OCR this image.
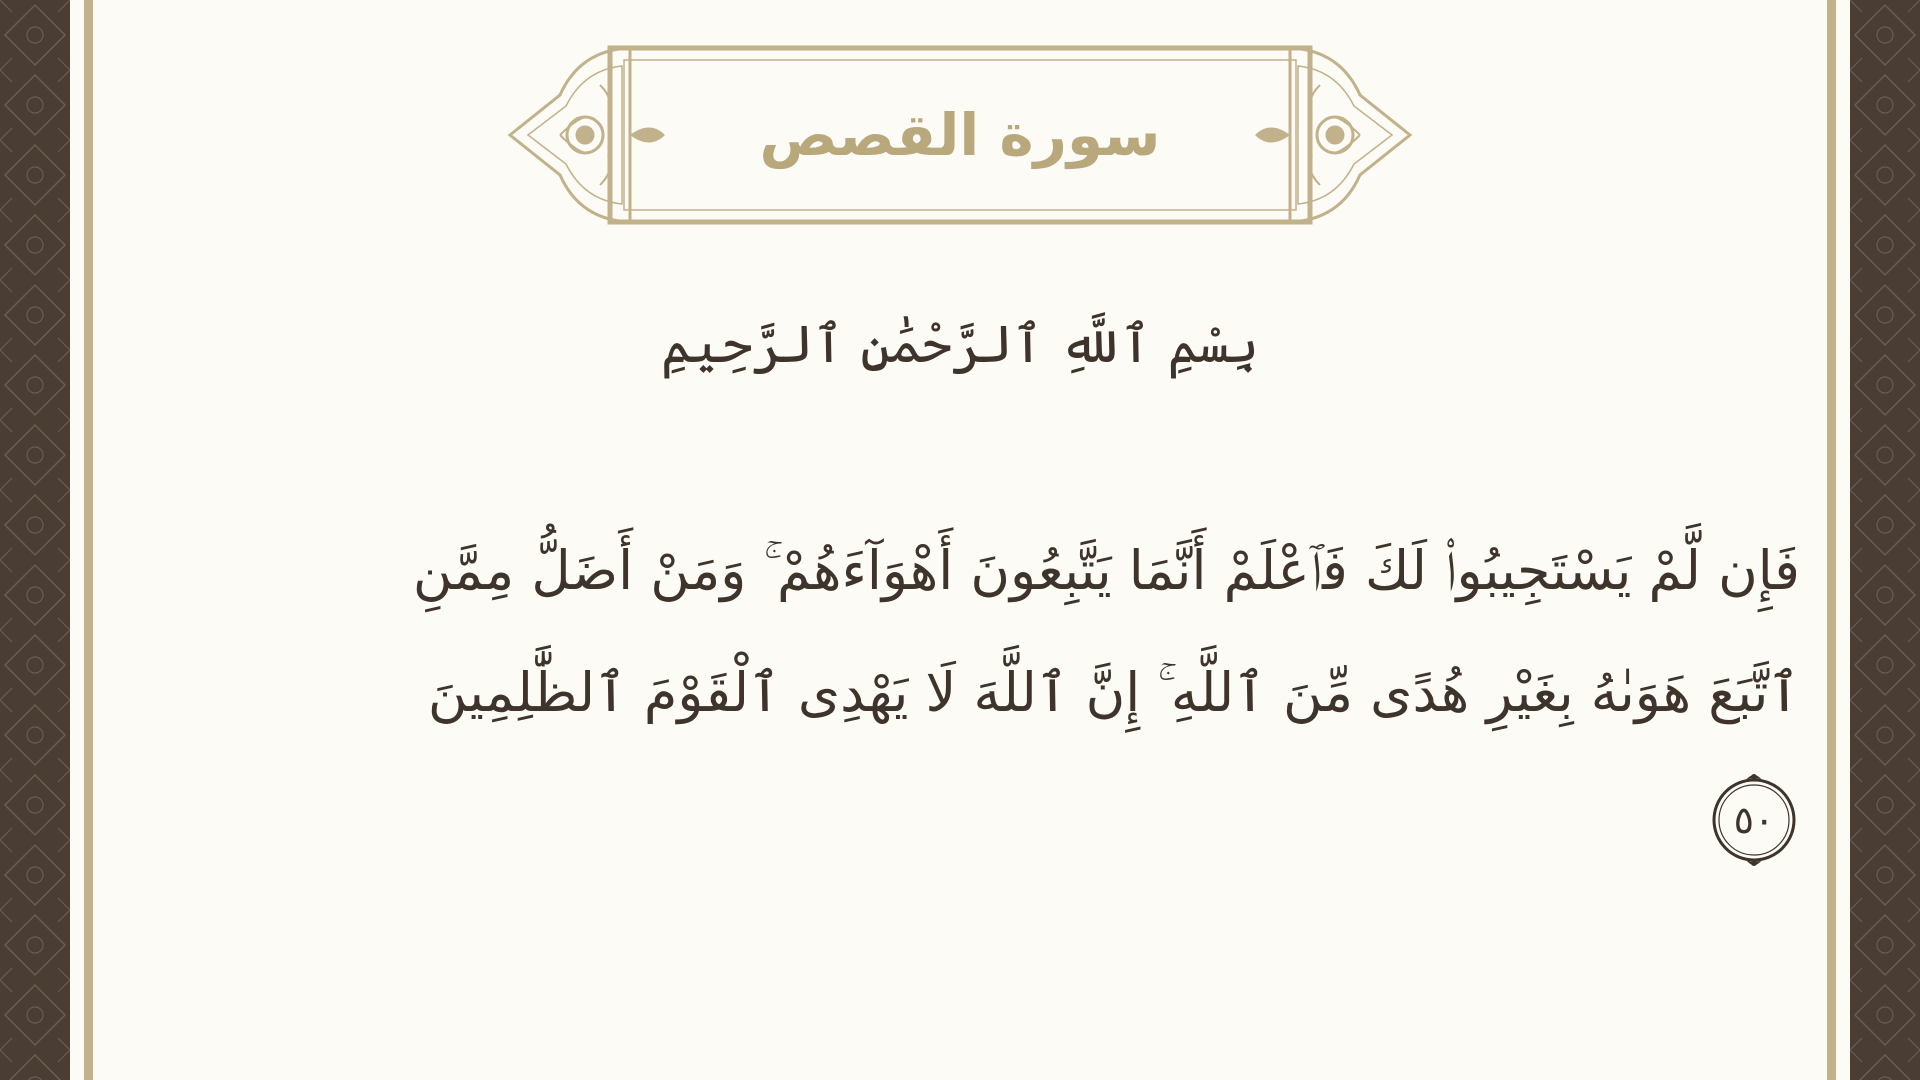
سورة القصص
بِسْمِ ٱللَّهِ ٱلرَّحْمَٰنِ ٱلرَّحِيمِ
فَإِن لَّمْ يَسْتَجِيبُوا۟ لَكَ فَٱعْلَمْ أَنَّمَا يَتَّبِعُونَ أَهْوَآءَهُمْ ۚ وَمَنْ أَضَلُّ مِمَّنِ
ٱتَّبَعَ هَوَىٰهُ بِغَيْرِ هُدًى مِّنَ ٱللَّهِ ۚ إِنَّ ٱللَّهَ لَا يَهْدِى ٱلْقَوْمَ ٱلظَّٰلِمِينَ
٥٠
